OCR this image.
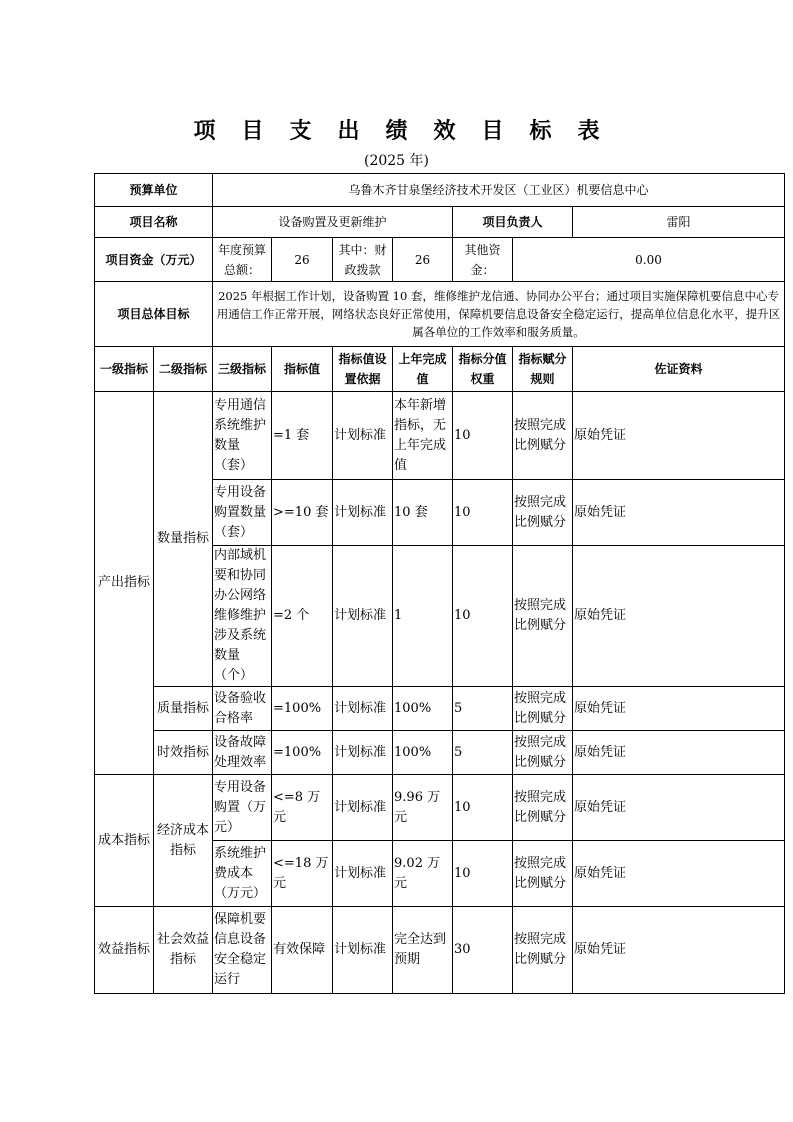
项目支出绩效目标表
(2025 年)
预算单位		乌鲁木齐甘泉堡经济技术开发区（工业区）机要信息中心						
项目名称		设备购置及更新维护				项目负责人		雷阳
项目资金（万元）		年度预算总额：	26	其中：财政拨款	26	其他资金：	0.00	
项目总体目标		2025 年根据工作计划，设备购置 10 套，维修维护龙信通、协同办公平台；通过项目实施保障机要信息中心专用通信工作正常开展，网络状态良好正常使用，保障机要信息设备安全稳定运行，提高单位信息化水平，提升区属各单位的工作效率和服务质量。						
一级指标	二级指标	三级指标	指标值	指标值设置依据	上年完成值	指标分值权重	指标赋分规则	佐证资料
产出指标	数量指标	专用通信系统维护数量（套）	=1 套	计划标准	本年新增指标，无上年完成值	10	按照完成比例赋分	原始凭证
		专用设备购置数量（套）	>=10 套	计划标准	10 套	10	按照完成比例赋分	原始凭证
		内部域机要和协同办公网络维修维护涉及系统数量（个）	=2 个	计划标准	1	10	按照完成比例赋分	原始凭证
	质量指标	设备验收合格率	=100%	计划标准	100%	5	按照完成比例赋分	原始凭证
	时效指标	设备故障处理效率	=100%	计划标准	100%	5	按照完成比例赋分	原始凭证
成本指标	经济成本指标	专用设备购置（万元）	<=8 万元	计划标准	9.96 万元	10	按照完成比例赋分	原始凭证
		系统维护费成本（万元）	<=18 万元	计划标准	9.02 万元	10	按照完成比例赋分	原始凭证
效益指标	社会效益指标	保障机要信息设备安全稳定运行	有效保障	计划标准	完全达到预期	30	按照完成比例赋分	原始凭证
